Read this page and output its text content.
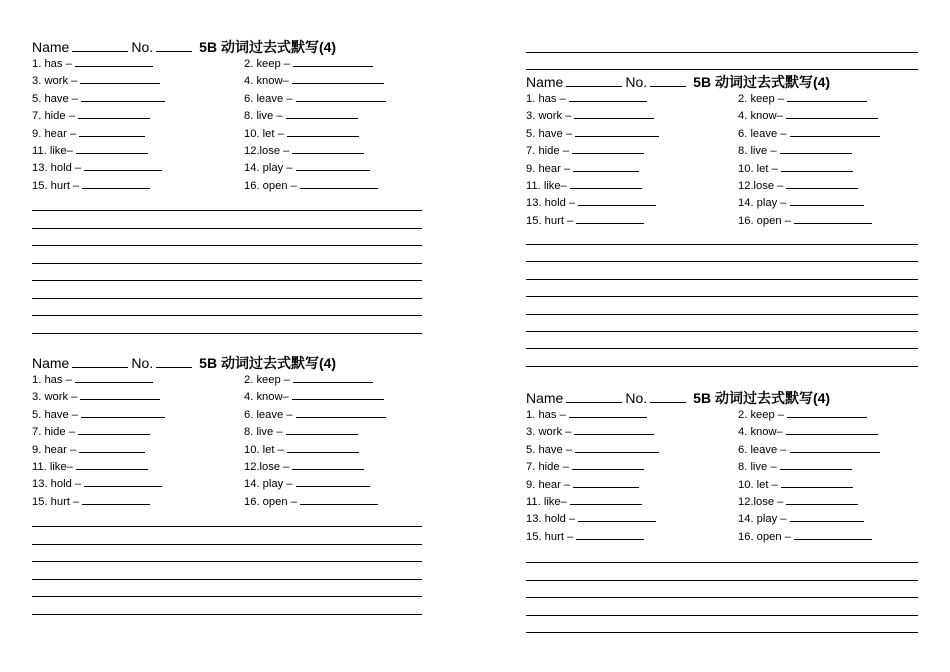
Name	No.	5B 动词过去式默写(4)
1. has –	2. keep –
3. work –	4. know–
5. have –	6. leave –
7. hide –	8. live –
9. hear –	10. let –
11. like–	12.lose –
13. hold –	14. play –
15. hurt –	16. open –
Name	No.	5B 动词过去式默写(4)
1. has –	2. keep –
3. work –	4. know–
5. have –	6. leave –
7. hide –	8. live –
9. hear –	10. let –
11. like–	12.lose –
13. hold –	14. play –
15. hurt –	16. open –
Name	No.	5B 动词过去式默写(4)
1. has –	2. keep –
3. work –	4. know–
5. have –	6. leave –
7. hide –	8. live –
9. hear –	10. let –
11. like–	12.lose –
13. hold –	14. play –
15. hurt –	16. open –
Name	No.	5B 动词过去式默写(4)
1. has –	2. keep –
3. work –	4. know–
5. have –	6. leave –
7. hide –	8. live –
9. hear –	10. let –
11. like–	12.lose –
13. hold –	14. play –
15. hurt –	16. open –
